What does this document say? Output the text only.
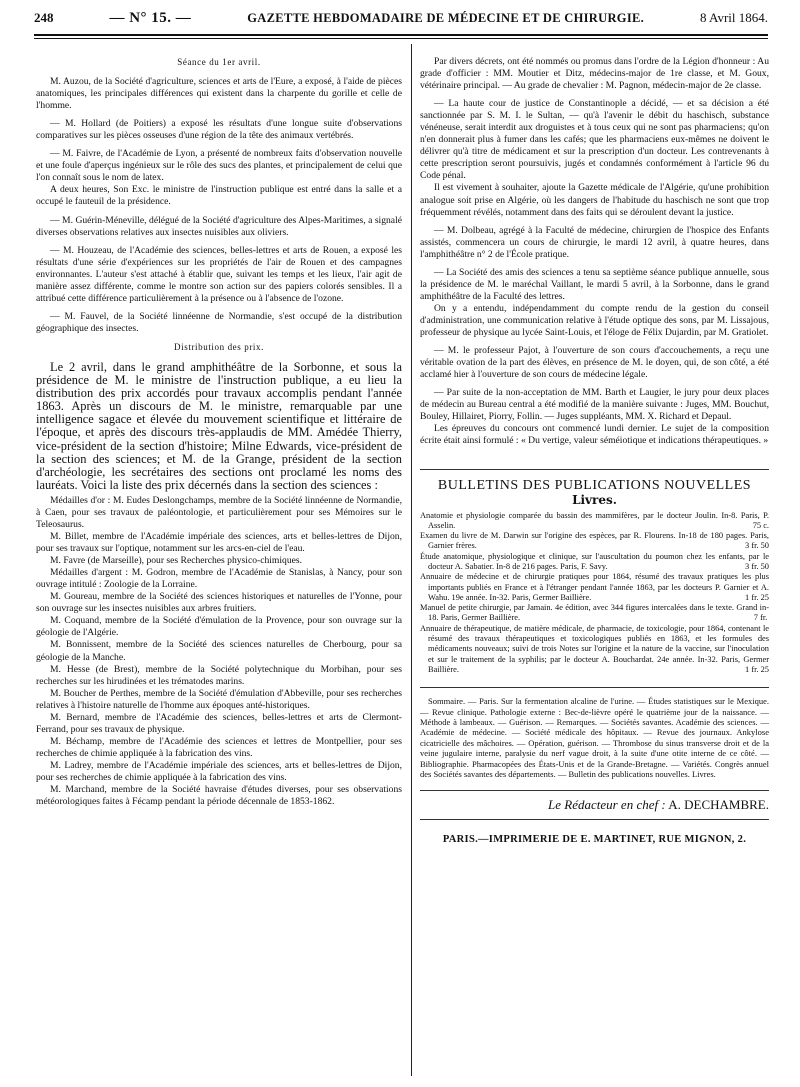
248	— N° 15. —	GAZETTE HEBDOMADAIRE DE MÉDECINE ET DE CHIRURGIE.	8 Avril 1864.

Séance du 1er avril.

M. Auzou, de la Société d'agriculture, sciences et arts de l'Eure, a exposé, à l'aide de pièces anatomiques, les principales différences qui existent dans la charpente du gorille et celle de l'homme.

— M. Hollard (de Poitiers) a exposé les résultats d'une longue suite d'observations comparatives sur les pièces osseuses d'une région de la tête des animaux vertébrés.

— M. Faivre, de l'Académie de Lyon, a présenté de nombreux faits d'observation nouvelle et une foule d'aperçus ingénieux sur le rôle des sucs des plantes, et principalement de celui que l'on connaît sous le nom de latex.

A deux heures, Son Exc. le ministre de l'instruction publique est entré dans la salle et a occupé le fauteuil de la présidence.

— M. Guérin-Méneville, délégué de la Société d'agriculture des Alpes-Maritimes, a signalé diverses observations relatives aux insectes nuisibles aux oliviers.

— M. Houzeau, de l'Académie des sciences, belles-lettres et arts de Rouen, a exposé les résultats d'une série d'expériences sur les propriétés de l'air de Rouen et des campagnes environnantes. L'auteur s'est attaché à établir que, suivant les temps et les lieux, l'air agit de manière assez différente, comme le montre son action sur des papiers colorés sensibles. Il a attribué cette différence particulièrement à la présence ou à l'absence de l'ozone.

— M. Fauvel, de la Société linnéenne de Normandie, s'est occupé de la distribution géographique des insectes.

Distribution des prix.

Le 2 avril, dans le grand amphithéâtre de la Sorbonne, et sous la présidence de M. le ministre de l'instruction publique, a eu lieu la distribution des prix accordés pour travaux accomplis pendant l'année 1863. Après un discours de M. le ministre, remarquable par une intelligence sagace et élevée du mouvement scientifique et littéraire de l'époque, et après des discours très-applaudis de MM. Amédée Thierry, vice-président de la section d'histoire; Milne Edwards, vice-président de la section des sciences; et M. de la Grange, président de la section d'archéologie, les secrétaires des sections ont proclamé les noms des lauréats. Voici la liste des prix décernés dans la section des sciences :

Médailles d'or : M. Eudes Deslongchamps, membre de la Société linnéenne de Normandie, à Caen, pour ses travaux de paléontologie, et particulièrement pour ses Mémoires sur le Teleosaurus.

M. Billet, membre de l'Académie impériale des sciences, arts et belles-lettres de Dijon, pour ses travaux sur l'optique, notamment sur les arcs-en-ciel de l'eau.

M. Favre (de Marseille), pour ses Recherches physico-chimiques.

Médailles d'argent : M. Godron, membre de l'Académie de Stanislas, à Nancy, pour son ouvrage intitulé : Zoologie de la Lorraine.

M. Goureau, membre de la Société des sciences historiques et naturelles de l'Yonne, pour son ouvrage sur les insectes nuisibles aux arbres fruitiers.

M. Coquand, membre de la Société d'émulation de la Provence, pour son ouvrage sur la géologie de l'Algérie.

M. Bonnissent, membre de la Société des sciences naturelles de Cherbourg, pour sa géologie de la Manche.

M. Hesse (de Brest), membre de la Société polytechnique du Morbihan, pour ses recherches sur les hirudinées et les trématodes marins.

M. Boucher de Perthes, membre de la Société d'émulation d'Abbeville, pour ses recherches relatives à l'histoire naturelle de l'homme aux époques anté-historiques.

M. Bernard, membre de l'Académie des sciences, belles-lettres et arts de Clermont-Ferrand, pour ses travaux de physique.

M. Béchamp, membre de l'Académie des sciences et lettres de Montpellier, pour ses recherches de chimie appliquée à la fabrication des vins.

M. Ladrey, membre de l'Académie impériale des sciences, arts et belles-lettres de Dijon, pour ses recherches de chimie appliquée à la fabrication des vins.

M. Marchand, membre de la Société havraise d'études diverses, pour ses observations météorologiques faites à Fécamp pendant la période décennale de 1853-1862.

Par divers décrets, ont été nommés ou promus dans l'ordre de la Légion d'honneur : Au grade d'officier : MM. Moutier et Ditz, médecins-major de 1re classe, et M. Goux, vétérinaire principal. — Au grade de chevalier : M. Pagnon, médecin-major de 2e classe.

— La haute cour de justice de Constantinople a décidé, — et sa décision a été sanctionnée par S. M. I. le Sultan, — qu'à l'avenir le débit du haschisch, substance vénéneuse, serait interdit aux droguistes et à tous ceux qui ne sont pas pharmaciens; qu'on n'en donnerait plus à fumer dans les cafés; que les pharmaciens eux-mêmes ne doivent le délivrer qu'à titre de médicament et sur la prescription d'un docteur. Les contrevenants à cette prescription seront poursuivis, jugés et condamnés conformément à l'article 96 du Code pénal.

Il est vivement à souhaiter, ajoute la Gazette médicale de l'Algérie, qu'une prohibition analogue soit prise en Algérie, où les dangers de l'habitude du haschisch ne sont que trop fréquemment révélés, notamment dans des faits qui se déroulent devant la justice.

— M. Dolbeau, agrégé à la Faculté de médecine, chirurgien de l'hospice des Enfants assistés, commencera un cours de chirurgie, le mardi 12 avril, à quatre heures, dans l'amphithéâtre n° 2 de l'École pratique.

— La Société des amis des sciences a tenu sa septième séance publique annuelle, sous la présidence de M. le maréchal Vaillant, le mardi 5 avril, à la Sorbonne, dans le grand amphithéâtre de la Faculté des lettres.

On y a entendu, indépendamment du compte rendu de la gestion du conseil d'administration, une communication relative à l'étude optique des sons, par M. Lissajous, professeur de physique au lycée Saint-Louis, et l'éloge de Félix Dujardin, par M. Gratiolet.

— M. le professeur Pajot, à l'ouverture de son cours d'accouchements, a reçu une véritable ovation de la part des élèves, en présence de M. le doyen, qui, de son côté, a été acclamé hier à l'ouverture de son cours de médecine légale.

— Par suite de la non-acceptation de MM. Barth et Laugier, le jury pour deux places de médecin au Bureau central a été modifié de la manière suivante : Juges, MM. Bouchut, Bouley, Hillairet, Piorry, Follin. — Juges suppléants, MM. X. Richard et Depaul.

Les épreuves du concours ont commencé lundi dernier. Le sujet de la composition écrite était ainsi formulé : « Du vertige, valeur séméiotique et indications thérapeutiques. »

BULLETINS DES PUBLICATIONS NOUVELLES

Livres.

Anatomie et physiologie comparée du bassin des mammifères, par le docteur Joulin. In-8. Paris, P. Asselin.	75 c.

Examen du livre de M. Darwin sur l'origine des espèces, par R. Flourens. In-18 de 180 pages. Paris, Garnier frères.	3 fr. 50

Étude anatomique, physiologique et clinique, sur l'auscultation du poumon chez les enfants, par le docteur A. Sabatier. In-8 de 216 pages. Paris, F. Savy.	3 fr. 50

Annuaire de médecine et de chirurgie pratiques pour 1864, résumé des travaux pratiques les plus importants publiés en France et à l'étranger pendant l'année 1863, par les docteurs P. Garnier et A. Wahu. 19e année. In-32. Paris, Germer Baillière.	1 fr. 25

Manuel de petite chirurgie, par Jamain. 4e édition, avec 344 figures intercalées dans le texte. Grand in-18. Paris, Germer Baillière.	7 fr.

Annuaire de thérapeutique, de matière médicale, de pharmacie, de toxicologie, pour 1864, contenant le résumé des travaux thérapeutiques et toxicologiques publiés en 1863, et les formules des médicaments nouveaux; suivi de trois Notes sur l'origine et la nature de la vaccine, sur l'inoculation et sur le traitement de la syphilis; par le docteur A. Bouchardat. 24e année. In-32. Paris, Germer Baillière.	1 fr. 25

Sommaire. — Paris. Sur la fermentation alcaline de l'urine. — Études statistiques sur le Mexique. — Revue clinique. Pathologie externe : Bec-de-lièvre opéré le quatrième jour de la naissance. — Méthode à lambeaux. — Guérison. — Remarques. — Sociétés savantes. Académie des sciences. — Académie de médecine. — Société médicale des hôpitaux. — Revue des journaux. Ankylose cicatricielle des mâchoires. — Opération, guérison. — Thrombose du sinus transverse droit et de la veine jugulaire interne, paralysie du nerf vague droit, à la suite d'une otite interne de ce côté. — Bibliographie. Pharmacopées des États-Unis et de la Grande-Bretagne. — Variétés. Congrès annuel des Sociétés savantes des départements. — Bulletin des publications nouvelles. Livres.

Le Rédacteur en chef : A. DECHAMBRE.
PARIS.—IMPRIMERIE DE E. MARTINET, RUE MIGNON, 2.
